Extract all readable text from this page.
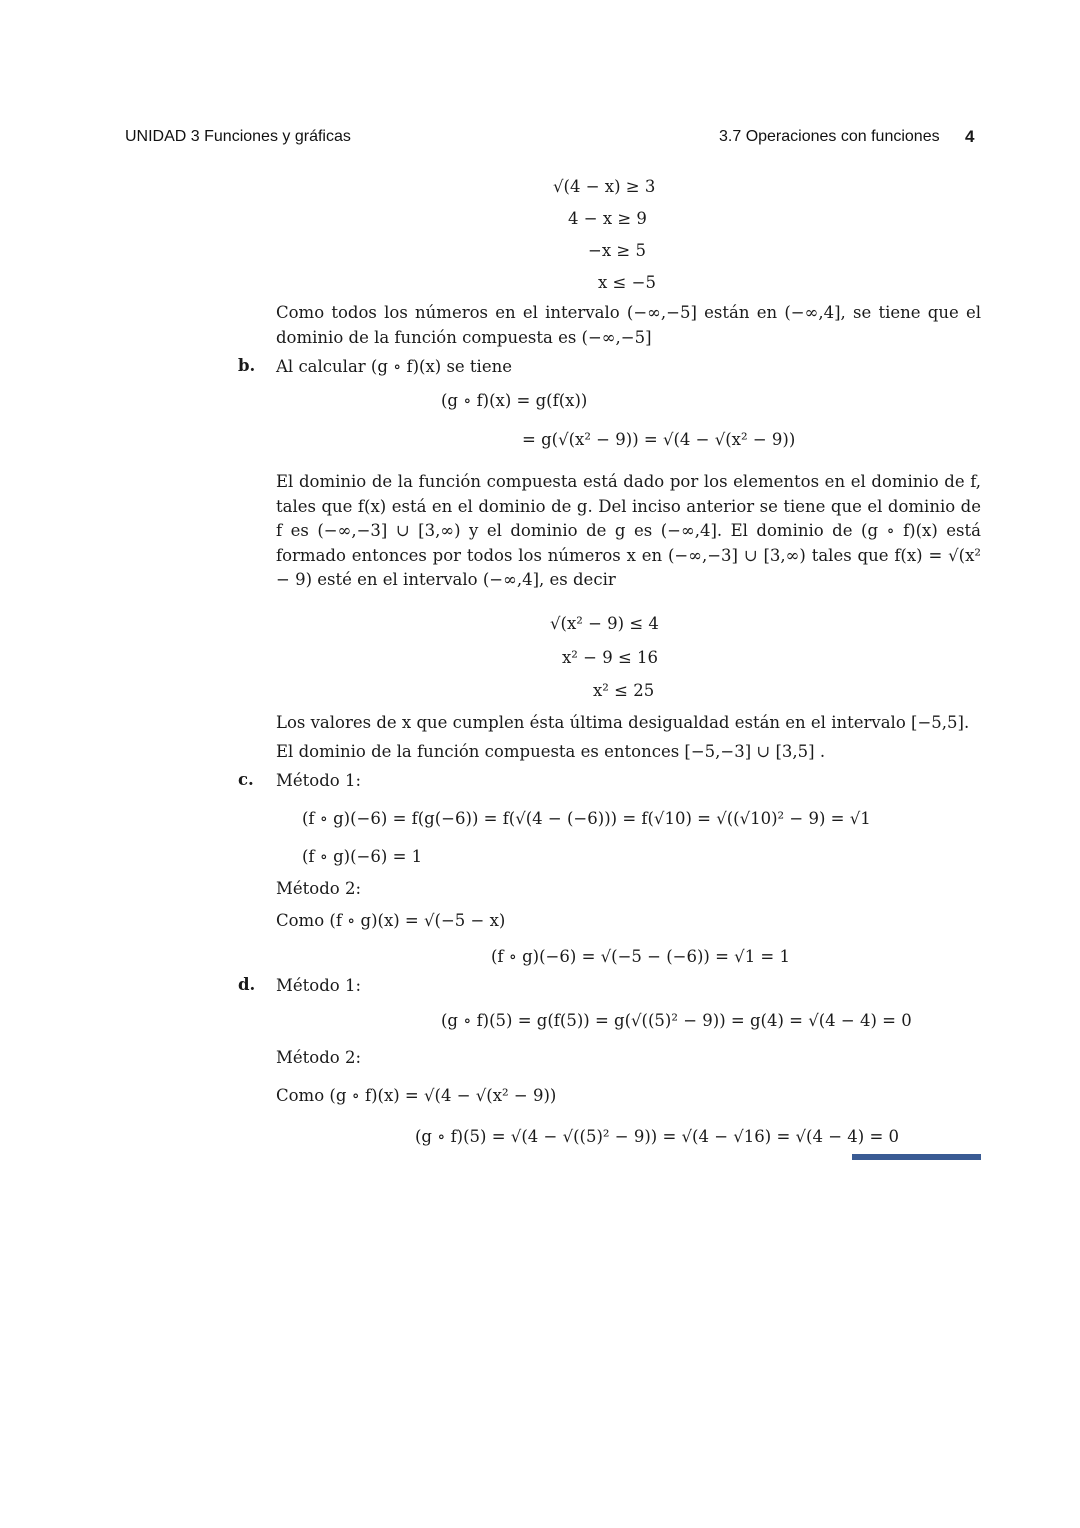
UNIDAD 3 Funciones y gráficas	3.7 Operaciones con funciones 4
√(4 − x) ≥ 3
4 − x ≥ 9
−x ≥ 5
x ≤ −5
Como todos los números en el intervalo (−∞,−5] están en (−∞,4], se tiene que el dominio de la función compuesta es (−∞,−5]
b. Al calcular (g ∘ f)(x) se tiene
(g ∘ f)(x) = g(f(x))
= g(√(x² − 9)) = √(4 − √(x² − 9))
El dominio de la función compuesta está dado por los elementos en el dominio de f, tales que f(x) está en el dominio de g. Del inciso anterior se tiene que el dominio de f es (−∞,−3] ∪ [3,∞) y el dominio de g es (−∞,4]. El dominio de (g ∘ f)(x) está formado entonces por todos los números x en (−∞,−3] ∪ [3,∞) tales que f(x) = √(x² − 9) esté en el intervalo (−∞,4], es decir
√(x² − 9) ≤ 4
x² − 9 ≤ 16
x² ≤ 25
Los valores de x que cumplen ésta última desigualdad están en el intervalo [−5,5].
El dominio de la función compuesta es entonces [−5,−3] ∪ [3,5] .
c. Método 1:
(f ∘ g)(−6) = f(g(−6)) = f(√(4 − (−6))) = f(√10) = √((√10)² − 9) = √1
(f ∘ g)(−6) = 1
Método 2:
Como (f ∘ g)(x) = √(−5 − x)
(f ∘ g)(−6) = √(−5 − (−6)) = √1 = 1
d. Método 1:
(g ∘ f)(5) = g(f(5)) = g(√((5)² − 9)) = g(4) = √(4 − 4) = 0
Método 2:
Como (g ∘ f)(x) = √(4 − √(x² − 9))
(g ∘ f)(5) = √(4 − √((5)² − 9)) = √(4 − √16) = √(4 − 4) = 0
